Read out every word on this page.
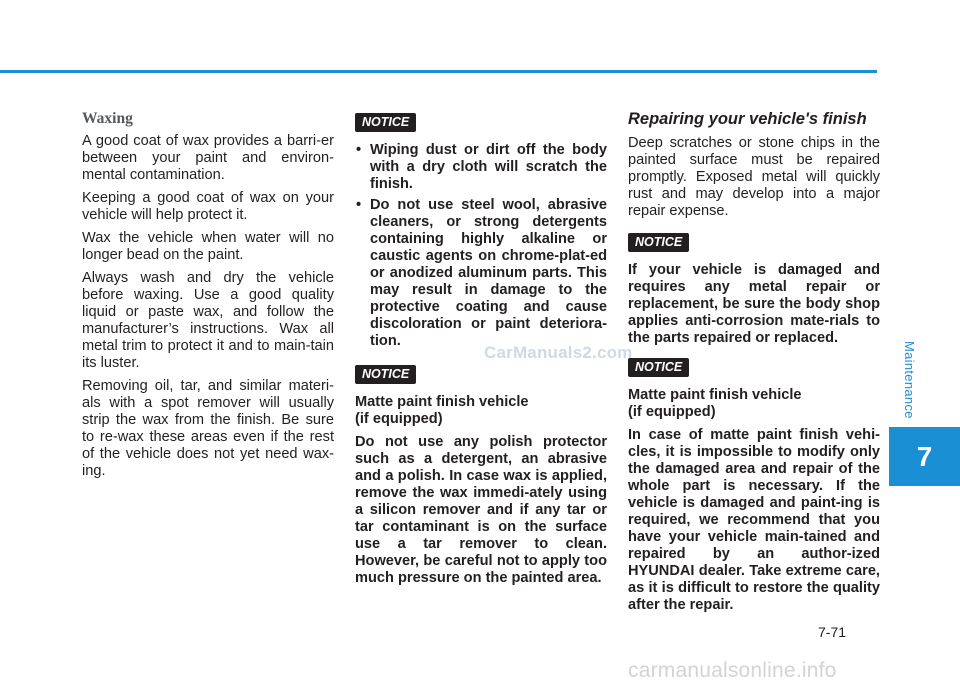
Waxing

A good coat of wax provides a barri-er between your paint and environ-mental contamination.

Keeping a good coat of wax on your vehicle will help protect it.

Wax the vehicle when water will no longer bead on the paint.

Always wash and dry the vehicle before waxing. Use a good quality liquid or paste wax, and follow the manufacturer’s instructions. Wax all metal trim to protect it and to main-tain its luster.

Removing oil, tar, and similar materi-als with a spot remover will usually strip the wax from the finish. Be sure to re-wax these areas even if the rest of the vehicle does not yet need wax-ing.

NOTICE
• Wiping dust or dirt off the body with a dry cloth will scratch the finish.
• Do not use steel wool, abrasive cleaners, or strong detergents containing highly alkaline or caustic agents on chrome-plat-ed or anodized aluminum parts. This may result in damage to the protective coating and cause discoloration or paint deteriora-tion.
NOTICE
Matte paint finish vehicle
(if equipped)

Do not use any polish protector such as a detergent, an abrasive and a polish. In case wax is applied, remove the wax immedi-ately using a silicon remover and if any tar or tar contaminant is on the surface use a tar remover to clean. However, be careful not to apply too much pressure on the painted area.

Repairing your vehicle's finish

Deep scratches or stone chips in the painted surface must be repaired promptly. Exposed metal will quickly rust and may develop into a major repair expense.

NOTICE

If your vehicle is damaged and requires any metal repair or replacement, be sure the body shop applies anti-corrosion mate-rials to the parts repaired or replaced.

NOTICE
Matte paint finish vehicle
(if equipped)

In case of matte paint finish vehi-cles, it is impossible to modify only the damaged area and repair of the whole part is necessary. If the vehicle is damaged and paint-ing is required, we recommend that you have your vehicle main-tained and repaired by an author-ized HYUNDAI dealer. Take extreme care, as it is difficult to restore the quality after the repair.

Maintenance
7
7-71
CarManuals2.com
carmanualsonline.info
